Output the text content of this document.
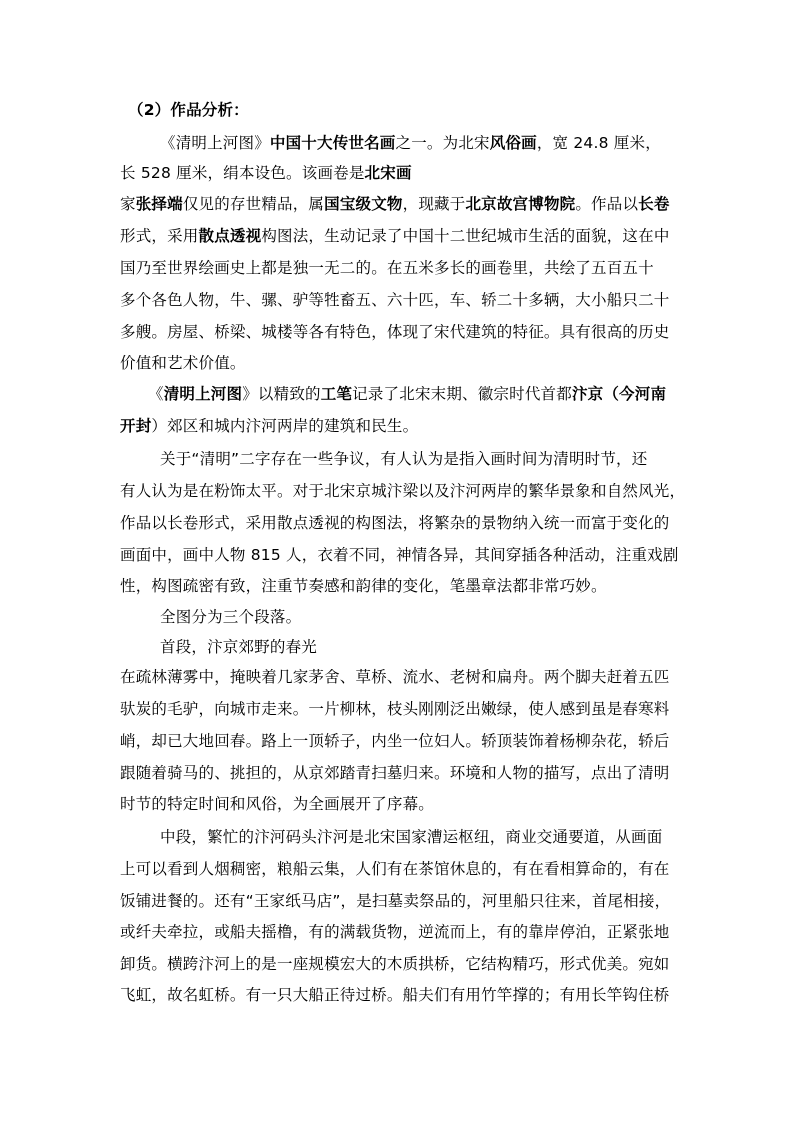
（2）作品分析：
《清明上河图》中国十大传世名画之一。为北宋风俗画，宽 24.8 厘米，
长 528 厘米，绢本设色。该画卷是北宋画
家张择端仅见的存世精品，属国宝级文物，现藏于北京故宫博物院。作品以长卷
形式，采用散点透视构图法，生动记录了中国十二世纪城市生活的面貌，这在中
国乃至世界绘画史上都是独一无二的。在五米多长的画卷里，共绘了五百五十
多个各色人物，牛、骡、驴等牲畜五、六十匹，车、轿二十多辆，大小船只二十
多艘。房屋、桥梁、城楼等各有特色，体现了宋代建筑的特征。具有很高的历史
价值和艺术价值。
《清明上河图》以精致的工笔记录了北宋末期、徽宗时代首都汴京（今河南
开封）郊区和城内汴河两岸的建筑和民生。
关于“清明”二字存在一些争议，有人认为是指入画时间为清明时节，还
有人认为是在粉饰太平。对于北宋京城汴梁以及汴河两岸的繁华景象和自然风光，
作品以长卷形式，采用散点透视的构图法，将繁杂的景物纳入统一而富于变化的
画面中，画中人物 815 人，衣着不同，神情各异，其间穿插各种活动，注重戏剧
性，构图疏密有致，注重节奏感和韵律的变化，笔墨章法都非常巧妙。
全图分为三个段落。
首段，汴京郊野的春光
在疏林薄雾中，掩映着几家茅舍、草桥、流水、老树和扁舟。两个脚夫赶着五匹
驮炭的毛驴，向城市走来。一片柳林，枝头刚刚泛出嫩绿，使人感到虽是春寒料
峭，却已大地回春。路上一顶轿子，内坐一位妇人。轿顶装饰着杨柳杂花，轿后
跟随着骑马的、挑担的，从京郊踏青扫墓归来。环境和人物的描写，点出了清明
时节的特定时间和风俗，为全画展开了序幕。
中段，繁忙的汴河码头汴河是北宋国家漕运枢纽，商业交通要道，从画面
上可以看到人烟稠密，粮船云集，人们有在茶馆休息的，有在看相算命的，有在
饭铺进餐的。还有“王家纸马店”，是扫墓卖祭品的，河里船只往来，首尾相接，
或纤夫牵拉，或船夫摇橹，有的满载货物，逆流而上，有的靠岸停泊，正紧张地
卸货。横跨汴河上的是一座规模宏大的木质拱桥，它结构精巧，形式优美。宛如
飞虹，故名虹桥。有一只大船正待过桥。船夫们有用竹竿撑的；有用长竿钩住桥
